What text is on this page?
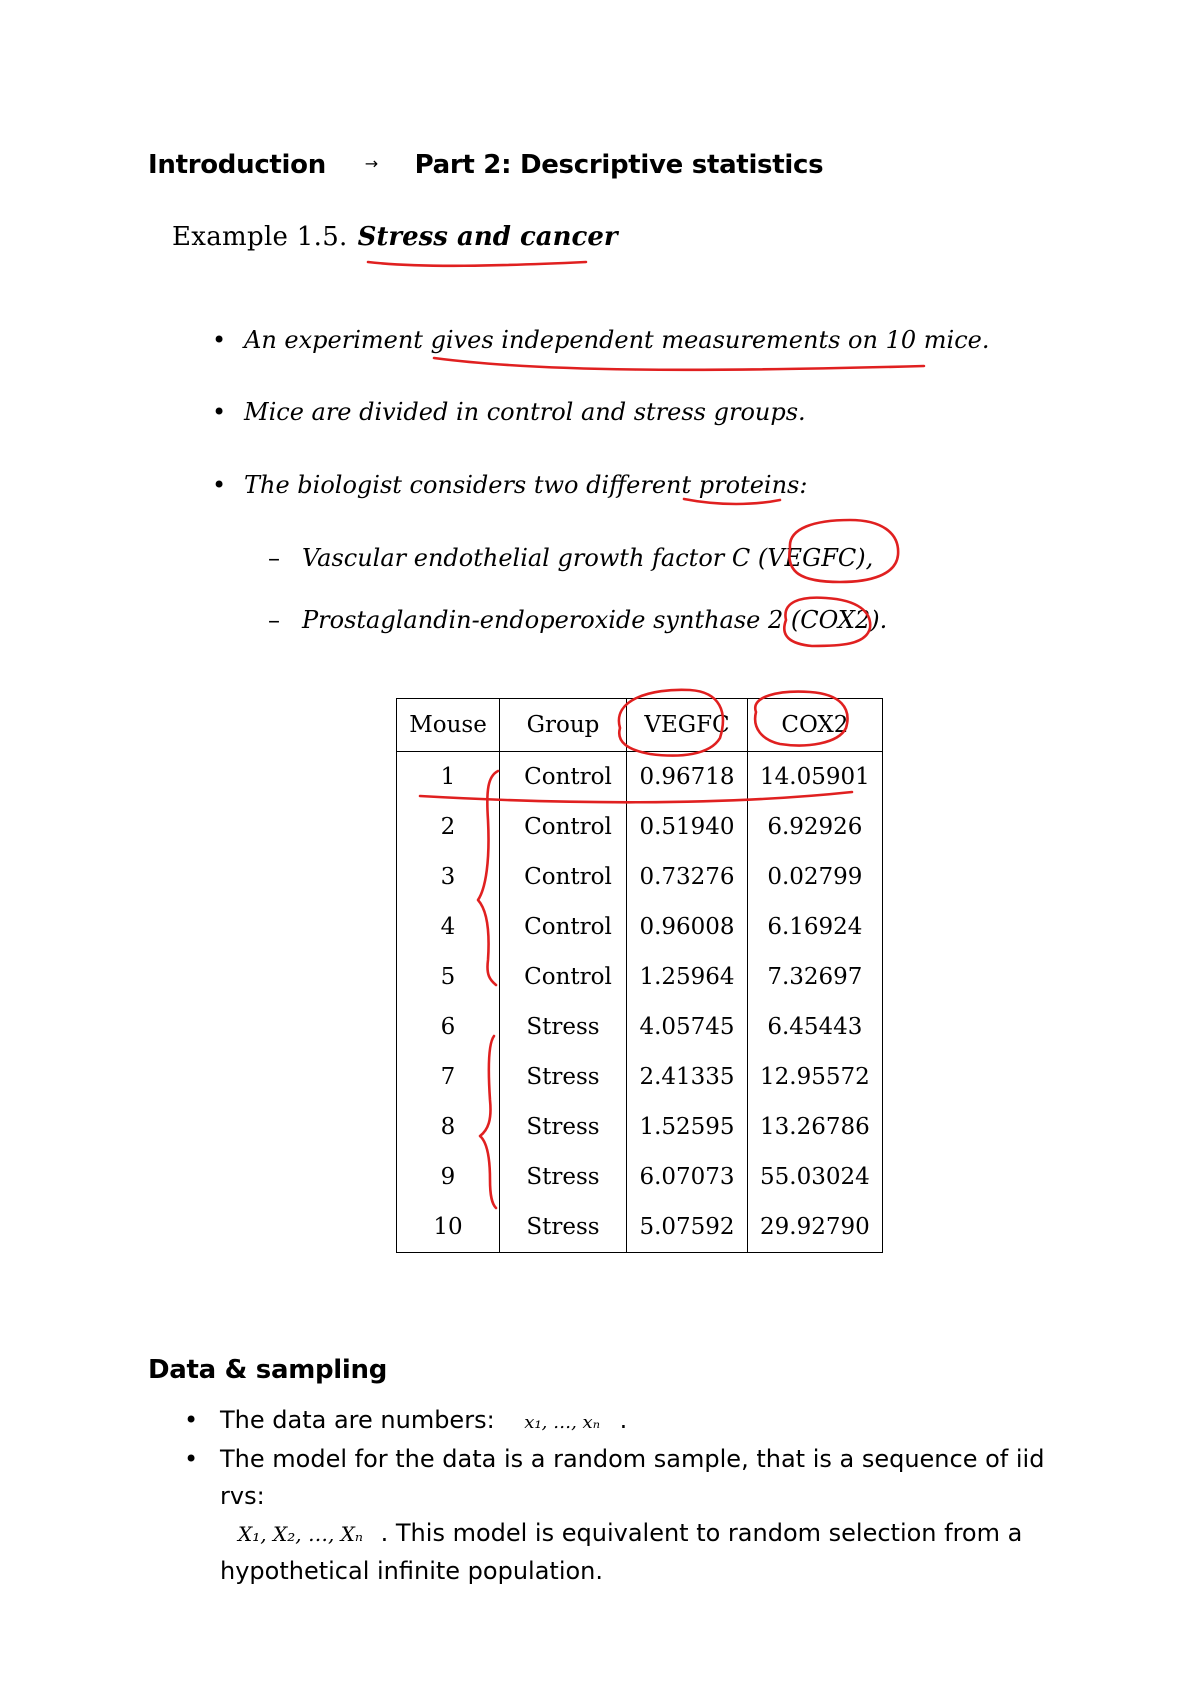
Introduction → Part 2: Descriptive statistics
Example 1.5. Stress and cancer
• An experiment gives independent measurements on 10 mice.
• Mice are divided in control and stress groups.
• The biologist considers two different proteins:
– Vascular endothelial growth factor C (VEGFC),
– Prostaglandin-endoperoxide synthase 2 (COX2).
Mouse	Group	VEGFC	COX2
1	Control	0.96718	14.05901
2	Control	0.51940	6.92926
3	Control	0.73276	0.02799
4	Control	0.96008	6.16924
5	Control	1.25964	7.32697
6	Stress	4.05745	6.45443
7	Stress	2.41335	12.95572
8	Stress	1.52595	13.26786
9	Stress	6.07073	55.03024
10	Stress	5.07592	29.92790
Data & sampling
• The data are numbers: x₁, …, xₙ .
• The model for the data is a random sample, that is a sequence of iid rvs:
X₁, X₂, …, Xₙ . This model is equivalent to random selection from a hypothetical infinite population.
